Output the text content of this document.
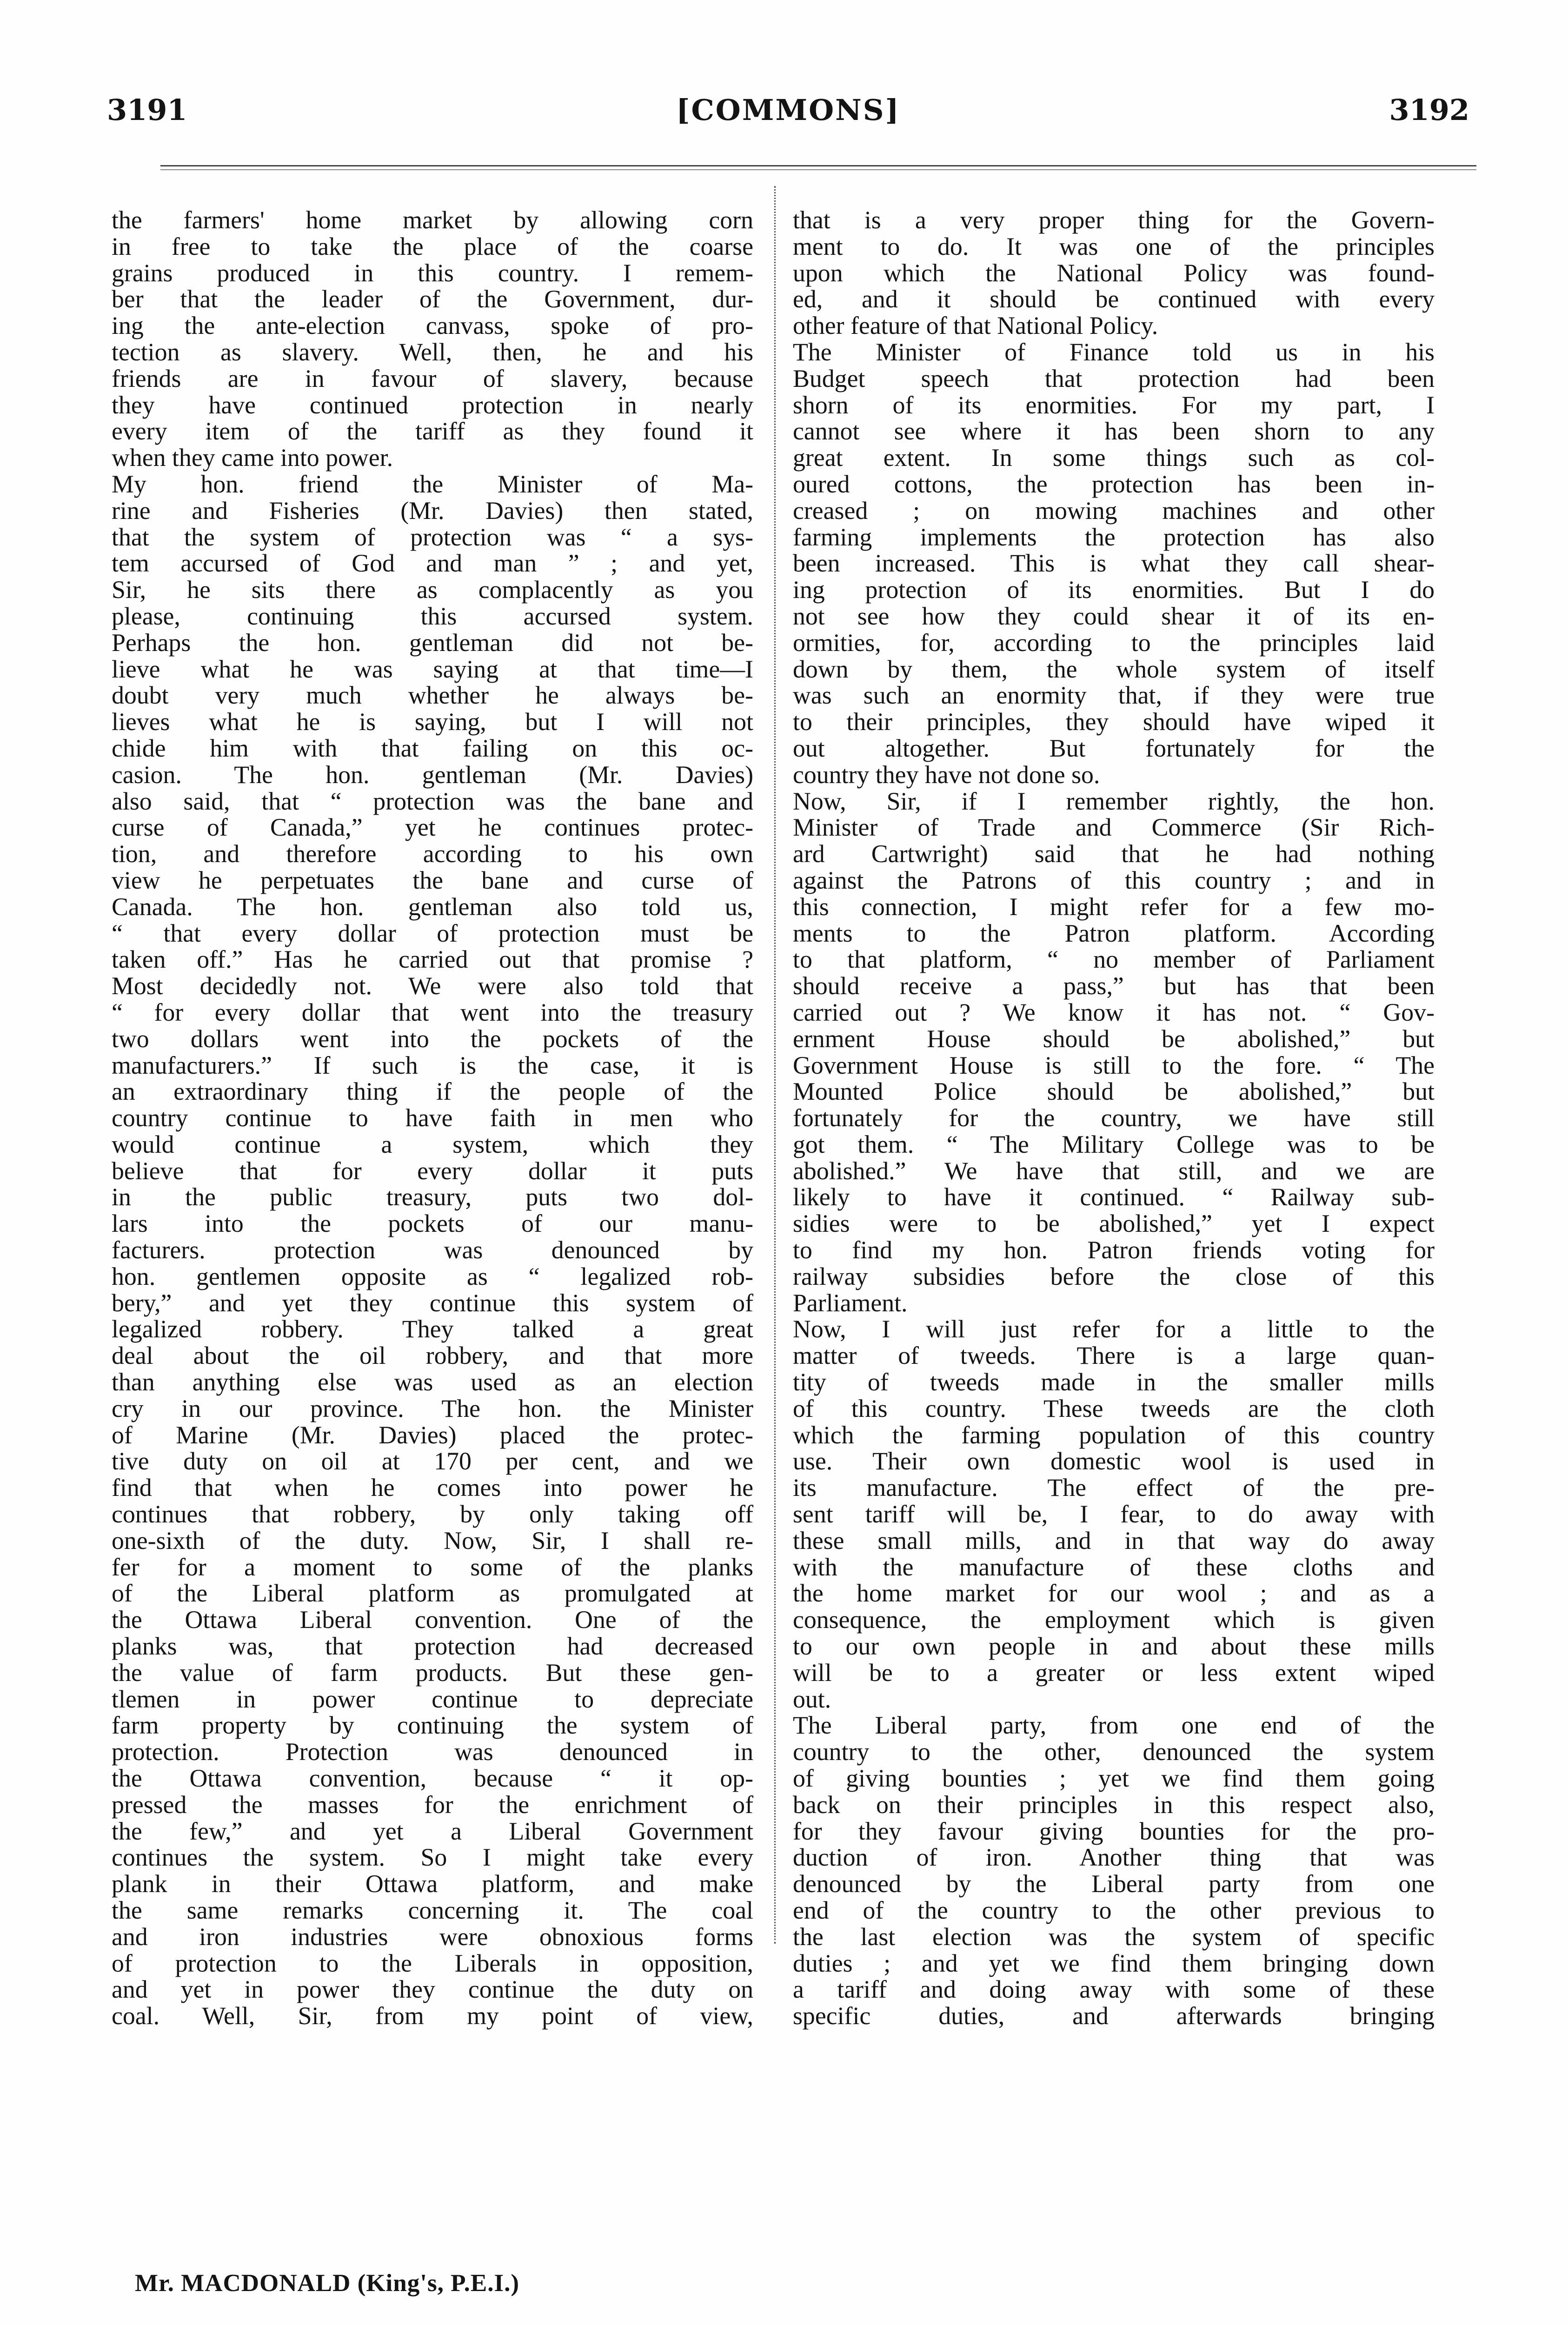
3191	[COMMONS]	3192
the farmers' home market by allowing corn
in free to take the place of the coarse
grains produced in this country. I remem-
ber that the leader of the Government, dur-
ing the ante-election canvass, spoke of pro-
tection as slavery. Well, then, he and his
friends are in favour of slavery, because
they have continued protection in nearly
every item of the tariff as they found it
when they came into power.
My hon. friend the Minister of Ma-
rine and Fisheries (Mr. Davies) then stated,
that the system of protection was “ a sys-
tem accursed of God and man ” ; and yet,
Sir, he sits there as complacently as you
please, continuing this accursed system.
Perhaps the hon. gentleman did not be-
lieve what he was saying at that time—I
doubt very much whether he always be-
lieves what he is saying, but I will not
chide him with that failing on this oc-
casion. The hon. gentleman (Mr. Davies)
also said, that “ protection was the bane and
curse of Canada,” yet he continues protec-
tion, and therefore according to his own
view he perpetuates the bane and curse of
Canada. The hon. gentleman also told us,
“ that every dollar of protection must be
taken off.” Has he carried out that promise ?
Most decidedly not. We were also told that
“ for every dollar that went into the treasury
two dollars went into the pockets of the
manufacturers.” If such is the case, it is
an extraordinary thing if the people of the
country continue to have faith in men who
would continue a system, which they
believe that for every dollar it puts
in the public treasury, puts two dol-
lars into the pockets of our manu-
facturers. protection was denounced by
hon. gentlemen opposite as “ legalized rob-
bery,” and yet they continue this system of
legalized robbery. They talked a great
deal about the oil robbery, and that more
than anything else was used as an election
cry in our province. The hon. the Minister
of Marine (Mr. Davies) placed the protec-
tive duty on oil at 170 per cent, and we
find that when he comes into power he
continues that robbery, by only taking off
one-sixth of the duty. Now, Sir, I shall re-
fer for a moment to some of the planks
of the Liberal platform as promulgated at
the Ottawa Liberal convention. One of the
planks was, that protection had decreased
the value of farm products. But these gen-
tlemen in power continue to depreciate
farm property by continuing the system of
protection. Protection was denounced in
the Ottawa convention, because “ it op-
pressed the masses for the enrichment of
the few,” and yet a Liberal Government
continues the system. So I might take every
plank in their Ottawa platform, and make
the same remarks concerning it. The coal
and iron industries were obnoxious forms
of protection to the Liberals in opposition,
and yet in power they continue the duty on
coal. Well, Sir, from my point of view,
that is a very proper thing for the Govern-
ment to do. It was one of the principles
upon which the National Policy was found-
ed, and it should be continued with every
other feature of that National Policy.
The Minister of Finance told us in his
Budget speech that protection had been
shorn of its enormities. For my part, I
cannot see where it has been shorn to any
great extent. In some things such as col-
oured cottons, the protection has been in-
creased ; on mowing machines and other
farming implements the protection has also
been increased. This is what they call shear-
ing protection of its enormities. But I do
not see how they could shear it of its en-
ormities, for, according to the principles laid
down by them, the whole system of itself
was such an enormity that, if they were true
to their principles, they should have wiped it
out altogether. But fortunately for the
country they have not done so.
Now, Sir, if I remember rightly, the hon.
Minister of Trade and Commerce (Sir Rich-
ard Cartwright) said that he had nothing
against the Patrons of this country ; and in
this connection, I might refer for a few mo-
ments to the Patron platform. According
to that platform, “ no member of Parliament
should receive a pass,” but has that been
carried out ? We know it has not. “ Gov-
ernment House should be abolished,” but
Government House is still to the fore. “ The
Mounted Police should be abolished,” but
fortunately for the country, we have still
got them. “ The Military College was to be
abolished.” We have that still, and we are
likely to have it continued. “ Railway sub-
sidies were to be abolished,” yet I expect
to find my hon. Patron friends voting for
railway subsidies before the close of this
Parliament.
Now, I will just refer for a little to the
matter of tweeds. There is a large quan-
tity of tweeds made in the smaller mills
of this country. These tweeds are the cloth
which the farming population of this country
use. Their own domestic wool is used in
its manufacture. The effect of the pre-
sent tariff will be, I fear, to do away with
these small mills, and in that way do away
with the manufacture of these cloths and
the home market for our wool ; and as a
consequence, the employment which is given
to our own people in and about these mills
will be to a greater or less extent wiped
out.
The Liberal party, from one end of the
country to the other, denounced the system
of giving bounties ; yet we find them going
back on their principles in this respect also,
for they favour giving bounties for the pro-
duction of iron. Another thing that was
denounced by the Liberal party from one
end of the country to the other previous to
the last election was the system of specific
duties ; and yet we find them bringing down
a tariff and doing away with some of these
specific duties, and afterwards bringing
Mr. MACDONALD (King's, P.E.I.)
